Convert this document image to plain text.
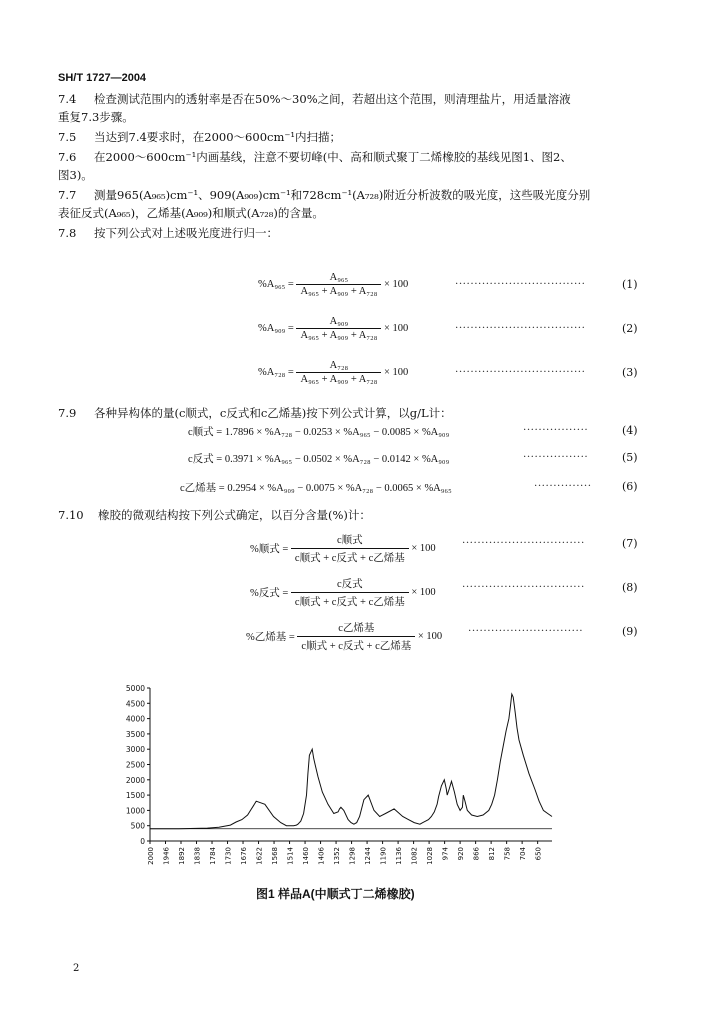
SH/T 1727—2004
7.4 检查测试范围内的透射率是否在50%～30%之间，若超出这个范围，则清理盐片，用适量溶液
重复7.3步骤。
7.5 当达到7.4要求时，在2000～600cm⁻¹内扫描；
7.6 在2000～600cm⁻¹内画基线，注意不要切峰(中、高和顺式聚丁二烯橡胶的基线见图1、图2、
图3)。
7.7 测量965(A₉₆₅)cm⁻¹、909(A₉₀₉)cm⁻¹和728cm⁻¹(A₇₂₈)附近分析波数的吸光度，这些吸光度分别
表征反式(A₉₆₅)，乙烯基(A₉₀₉)和顺式(A₇₂₈)的含量。
7.8 按下列公式对上述吸光度进行归一：
$\%A_{965} = \frac{\text{A₉₆₅}}{\text{A₉₆₅ + A₉₀₉ + A₇₂₈}} \times 100$	··································	(1)
$\%A_{909} = \frac{\text{A₉₀₉}}{\text{A₉₆₅ + A₉₀₉ + A₇₂₈}} \times 100$	··································	(2)
$\%A_{728} = \frac{\text{A₇₂₈}}{\text{A₉₆₅ + A₉₀₉ + A₇₂₈}} \times 100$	··································	(3)
7.9 各种异构体的量(c顺式，c反式和c乙烯基)按下列公式计算，以g/L计：
c顺式 = 1.7896 × %A₇₂₈ − 0.0253 × %A₉₆₅ − 0.0085 × %A₉₀₉	·················	(4)
c反式 = 0.3971 × %A₉₆₅ − 0.0502 × %A₇₂₈ − 0.0142 × %A₉₀₉	·················	(5)
c乙烯基 = 0.2954 × %A₉₀₉ − 0.0075 × %A₇₂₈ − 0.0065 × %A₉₆₅	···············	(6)
7.10 橡胶的微观结构按下列公式确定，以百分含量(%)计：
%顺式 = $\frac{\text{c顺式}}{\text{c顺式 + c反式 + c乙烯基}} \times 100$	································	(7)
%反式 = $\frac{\text{c反式}}{\text{c顺式 + c反式 + c乙烯基}} \times 100$	································	(8)
%乙烯基 = $\frac{\text{c乙烯基}}{\text{c顺式 + c反式 + c乙烯基}} \times 100$ ······························	(9)
0
500
1000
1500
2000
2500
3000
3500
4000
4500
5000
2000 1946 1892 1838 1784 1730 1676 1622 1568 1514 1460 1406 1352 1298 1244 1190 1136 1082 1028 974 920 866 812 758 704 650
图1 样品A(中顺式丁二烯橡胶)
2
